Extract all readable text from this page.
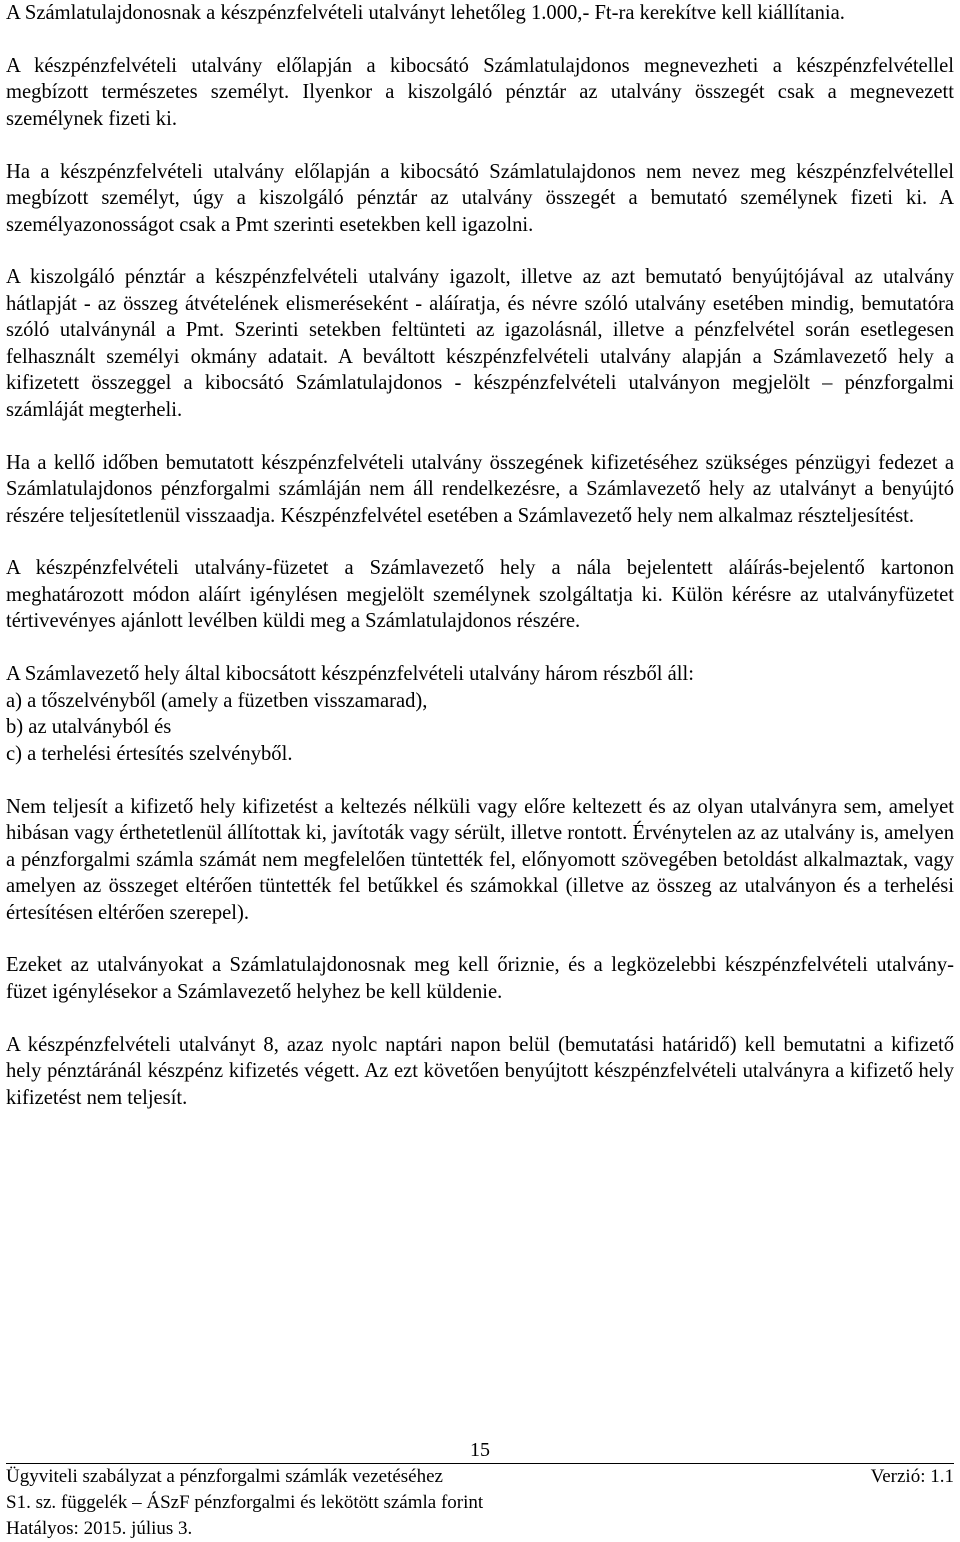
A Számlatulajdonosnak a készpénzfelvételi utalványt lehetőleg 1.000,- Ft-ra kerekítve kell kiállítania.

A készpénzfelvételi utalvány előlapján a kibocsátó Számlatulajdonos megnevezheti a készpénzfelvétellel megbízott természetes személyt. Ilyenkor a kiszolgáló pénztár az utalvány összegét csak a megnevezett személynek fizeti ki.

Ha a készpénzfelvételi utalvány előlapján a kibocsátó Számlatulajdonos nem nevez meg készpénzfelvétellel megbízott személyt, úgy a kiszolgáló pénztár az utalvány összegét a bemutató személynek fizeti ki. A személyazonosságot csak a Pmt szerinti esetekben kell igazolni.

A kiszolgáló pénztár a készpénzfelvételi utalvány igazolt, illetve az azt bemutató benyújtójával az utalvány hátlapját - az összeg átvételének elismeréseként - aláíratja, és névre szóló utalvány esetében mindig, bemutatóra szóló utalványnál a Pmt. Szerinti setekben feltünteti az igazolásnál, illetve a pénzfelvétel során esetlegesen felhasznált személyi okmány adatait. A beváltott készpénzfelvételi utalvány alapján a Számlavezető hely a kifizetett összeggel a kibocsátó Számlatulajdonos - készpénzfelvételi utalványon megjelölt – pénzforgalmi számláját megterheli.

Ha a kellő időben bemutatott készpénzfelvételi utalvány összegének kifizetéséhez szükséges pénzügyi fedezet a Számlatulajdonos pénzforgalmi számláján nem áll rendelkezésre, a Számlavezető hely az utalványt a benyújtó részére teljesítetlenül visszaadja. Készpénzfelvétel esetében a Számlavezető hely nem alkalmaz részteljesítést.

A készpénzfelvételi utalvány-füzetet a Számlavezető hely a nála bejelentett aláírás-bejelentő kartonon meghatározott módon aláírt igénylésen megjelölt személynek szolgáltatja ki. Külön kérésre az utalványfüzetet tértivevényes ajánlott levélben küldi meg a Számlatulajdonos részére.

A Számlavezető hely által kibocsátott készpénzfelvételi utalvány három részből áll:
a) a tőszelvényből (amely a füzetben visszamarad),
b) az utalványból és
c) a terhelési értesítés szelvényből.

Nem teljesít a kifizető hely kifizetést a keltezés nélküli vagy előre keltezett és az olyan utalványra sem, amelyet hibásan vagy érthetetlenül állítottak ki, javítoták vagy sérült, illetve rontott. Érvénytelen az az utalvány is, amelyen a pénzforgalmi számla számát nem megfelelően tüntették fel, előnyomott szövegében betoldást alkalmaztak, vagy amelyen az összeget eltérően tüntették fel betűkkel és számokkal (illetve az összeg az utalványon és a terhelési értesítésen eltérően szerepel).

Ezeket az utalványokat a Számlatulajdonosnak meg kell őriznie, és a legközelebbi készpénzfelvételi utalvány-füzet igénylésekor a Számlavezető helyhez be kell küldenie.

A készpénzfelvételi utalványt 8, azaz nyolc naptári napon belül (bemutatási határidő) kell bemutatni a kifizető hely pénztáránál készpénz kifizetés végett. Az ezt követően benyújtott készpénzfelvételi utalványra a kifizető hely kifizetést nem teljesít.

15
Ügyviteli szabályzat a pénzforgalmi számlák vezetéséhez	Verzió: 1.1
S1. sz. függelék – ÁSzF pénzforgalmi és lekötött számla forint
Hatályos: 2015. július 3.
